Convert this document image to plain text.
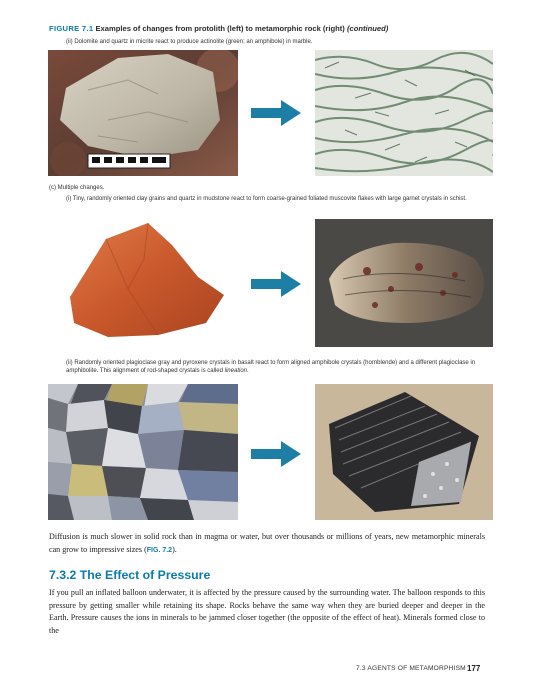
FIGURE 7.1 Examples of changes from protolith (left) to metamorphic rock (right) (continued)
(ii) Dolomite and quartz in micrite react to produce actinolite (green; an amphibole) in marble.
(c) Multiple changes.
(i) Tiny, randomly oriented clay grains and quartz in mudstone react to form coarse-grained foliated muscovite flakes with large garnet crystals in schist.
(ii) Randomly oriented plagioclase gray and pyroxene crystals in basalt react to form aligned amphibole crystals (hornblende) and a different plagioclase in amphibolite. This alignment of rod-shaped crystals is called lineation.
Diffusion is much slower in solid rock than in magma or water, but over thousands or millions of years, new metamorphic minerals can grow to impressive sizes (FIG. 7.2).
7.3.2 The Effect of Pressure
If you pull an inflated balloon underwater, it is affected by the pressure caused by the surrounding water. The balloon responds to this pressure by getting smaller while retaining its shape. Rocks behave the same way when they are buried deeper and deeper in the Earth. Pressure causes the ions in minerals to be jammed closer together (the opposite of the effect of heat). Minerals formed close to the
7.3 AGENTS OF METAMORPHISM 177
